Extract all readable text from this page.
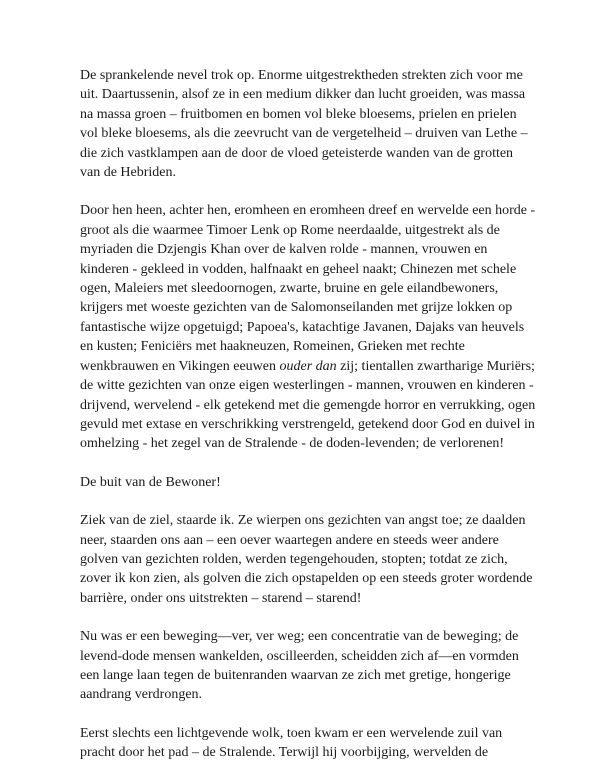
De sprankelende nevel trok op. Enorme uitgestrektheden strekten zich voor me uit. Daartussenin, alsof ze in een medium dikker dan lucht groeiden, was massa na massa groen – fruitbomen en bomen vol bleke bloesems, prielen en prielen vol bleke bloesems, als die zeevrucht van de vergetelheid – druiven van Lethe – die zich vastklampen aan de door de vloed geteisterde wanden van de grotten van de Hebriden.

Door hen heen, achter hen, eromheen en eromheen dreef en wervelde een horde - groot als die waarmee Timoer Lenk op Rome neerdaalde, uitgestrekt als de myriaden die Dzjengis Khan over de kalven rolde - mannen, vrouwen en kinderen - gekleed in vodden, halfnaakt en geheel naakt; Chinezen met schele ogen, Maleiers met sleedoornogen, zwarte, bruine en gele eilandbewoners, krijgers met woeste gezichten van de Salomonseilanden met grijze lokken op fantastische wijze opgetuigd; Papoea's, katachtige Javanen, Dajaks van heuvels en kusten; Feniciërs met haakneuzen, Romeinen, Grieken met rechte wenkbrauwen en Vikingen eeuwen ouder dan zij; tientallen zwartharige Muriërs; de witte gezichten van onze eigen westerlingen - mannen, vrouwen en kinderen - drijvend, wervelend - elk getekend met die gemengde horror en verrukking, ogen gevuld met extase en verschrikking verstrengeld, getekend door God en duivel in omhelzing - het zegel van de Stralende - de doden-levenden; de verlorenen!

De buit van de Bewoner!

Ziek van de ziel, staarde ik. Ze wierpen ons gezichten van angst toe; ze daalden neer, staarden ons aan – een oever waartegen andere en steeds weer andere golven van gezichten rolden, werden tegengehouden, stopten; totdat ze zich, zover ik kon zien, als golven die zich opstapelden op een steeds groter wordende barrière, onder ons uitstrekten – starend – starend!

Nu was er een beweging—ver, ver weg; een concentratie van de beweging; de levend-dode mensen wankelden, oscilleerden, scheidden zich af—en vormden een lange laan tegen de buitenranden waarvan ze zich met gretige, hongerige aandrang verdrongen.

Eerst slechts een lichtgevende wolk, toen kwam er een wervelende zuil van pracht door het pad – de Stralende. Terwijl hij voorbijging, wervelden de
